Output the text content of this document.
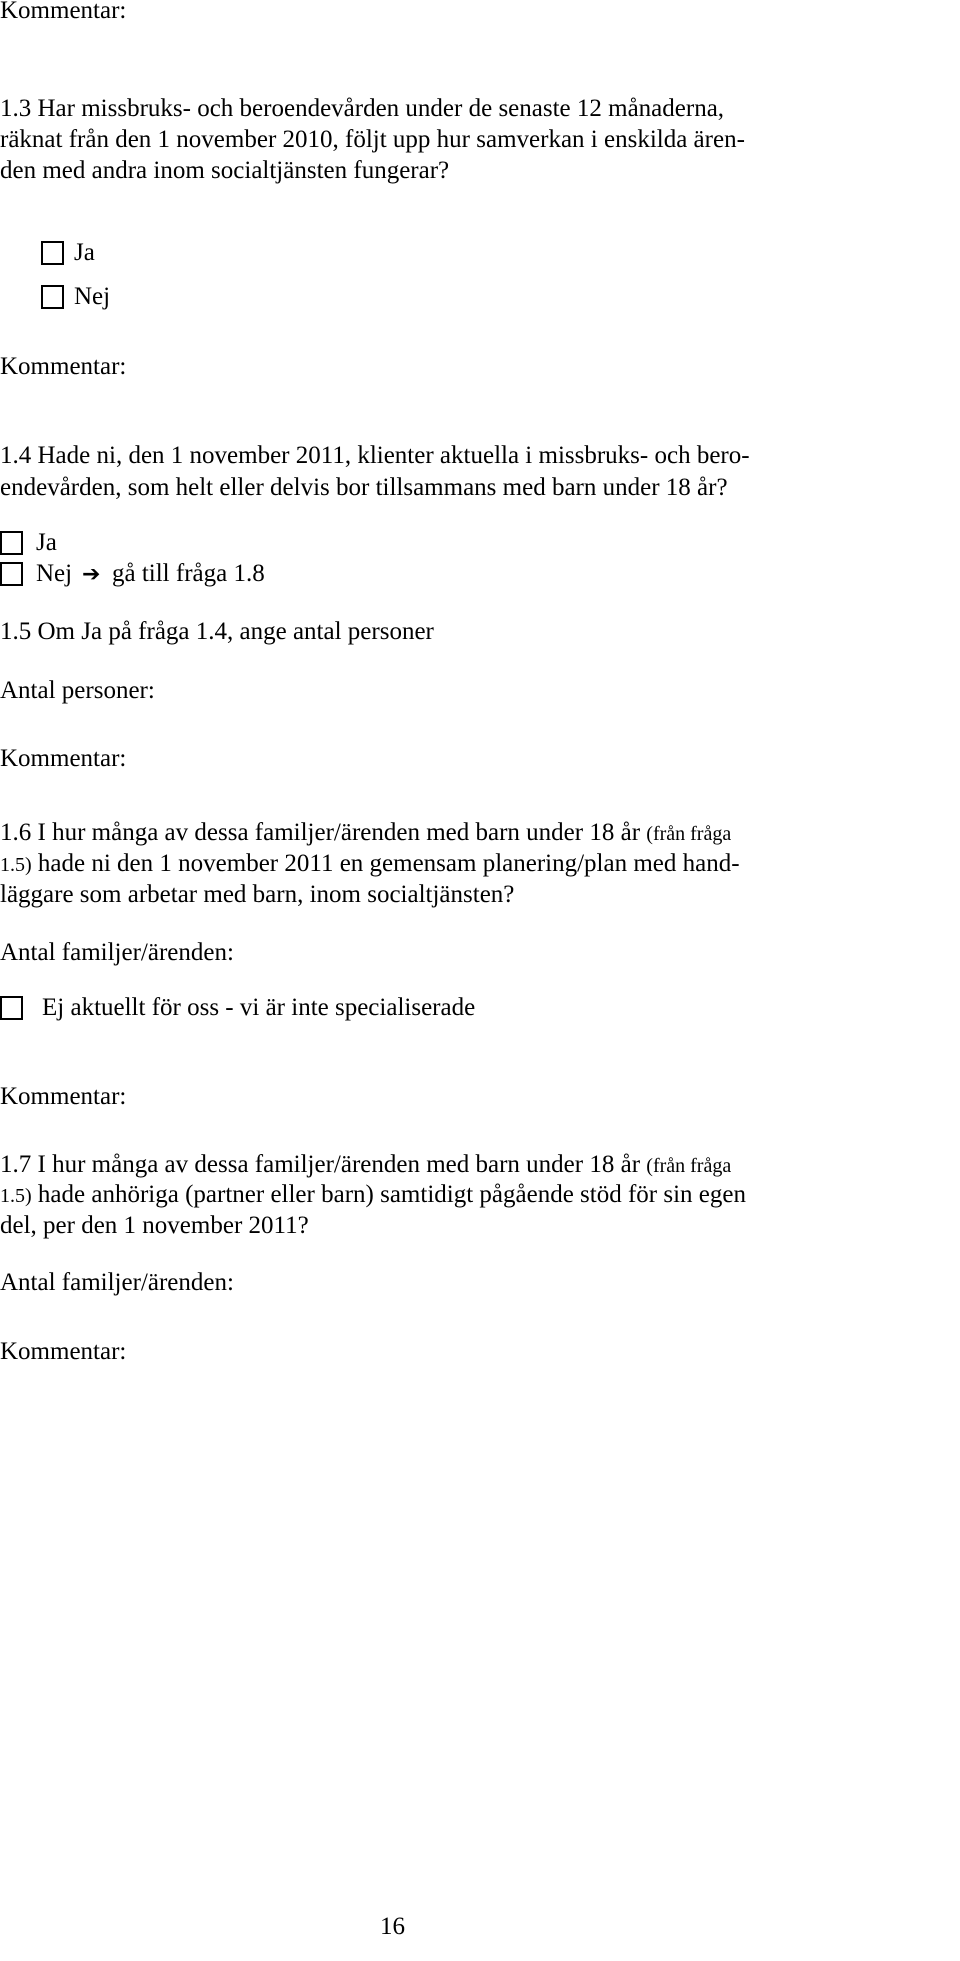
Kommentar:
1.3 Har missbruks- och beroendevården under de senaste 12 månaderna,
räknat från den 1 november 2010, följt upp hur samverkan i enskilda ären-
den med andra inom socialtjänsten fungerar?
Ja
Nej
Kommentar:
1.4 Hade ni, den 1 november 2011, klienter aktuella i missbruks- och bero-
endevården, som helt eller delvis bor tillsammans med barn under 18 år?
Ja
Nej ➔ gå till fråga 1.8
1.5 Om Ja på fråga 1.4, ange antal personer
Antal personer:
Kommentar:
1.6 I hur många av dessa familjer/ärenden med barn under 18 år (från fråga
1.5) hade ni den 1 november 2011 en gemensam planering/plan med hand-
läggare som arbetar med barn, inom socialtjänsten?
Antal familjer/ärenden:
Ej aktuellt för oss - vi är inte specialiserade
Kommentar:
1.7 I hur många av dessa familjer/ärenden med barn under 18 år (från fråga
1.5) hade anhöriga (partner eller barn) samtidigt pågående stöd för sin egen
del, per den 1 november 2011?
Antal familjer/ärenden:
Kommentar:
16
